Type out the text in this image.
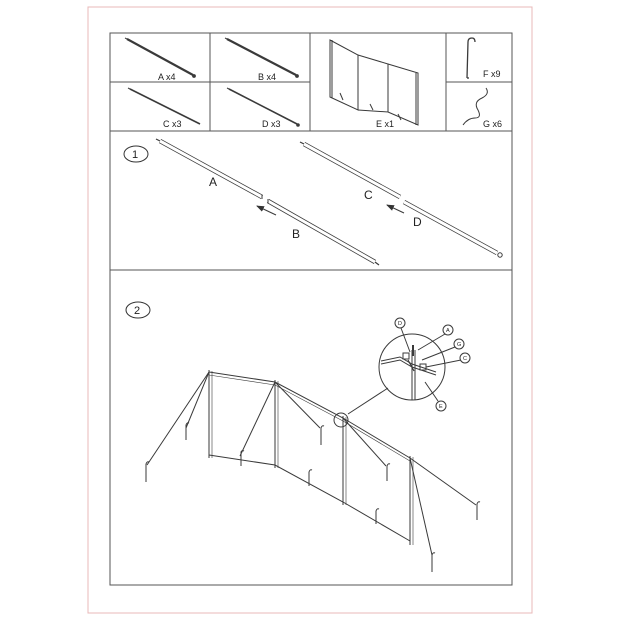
A x4	B x4
C x3	D x3	E x1
F x9
G x6
1
A
B
C
D
2
D
A
G
C
E
